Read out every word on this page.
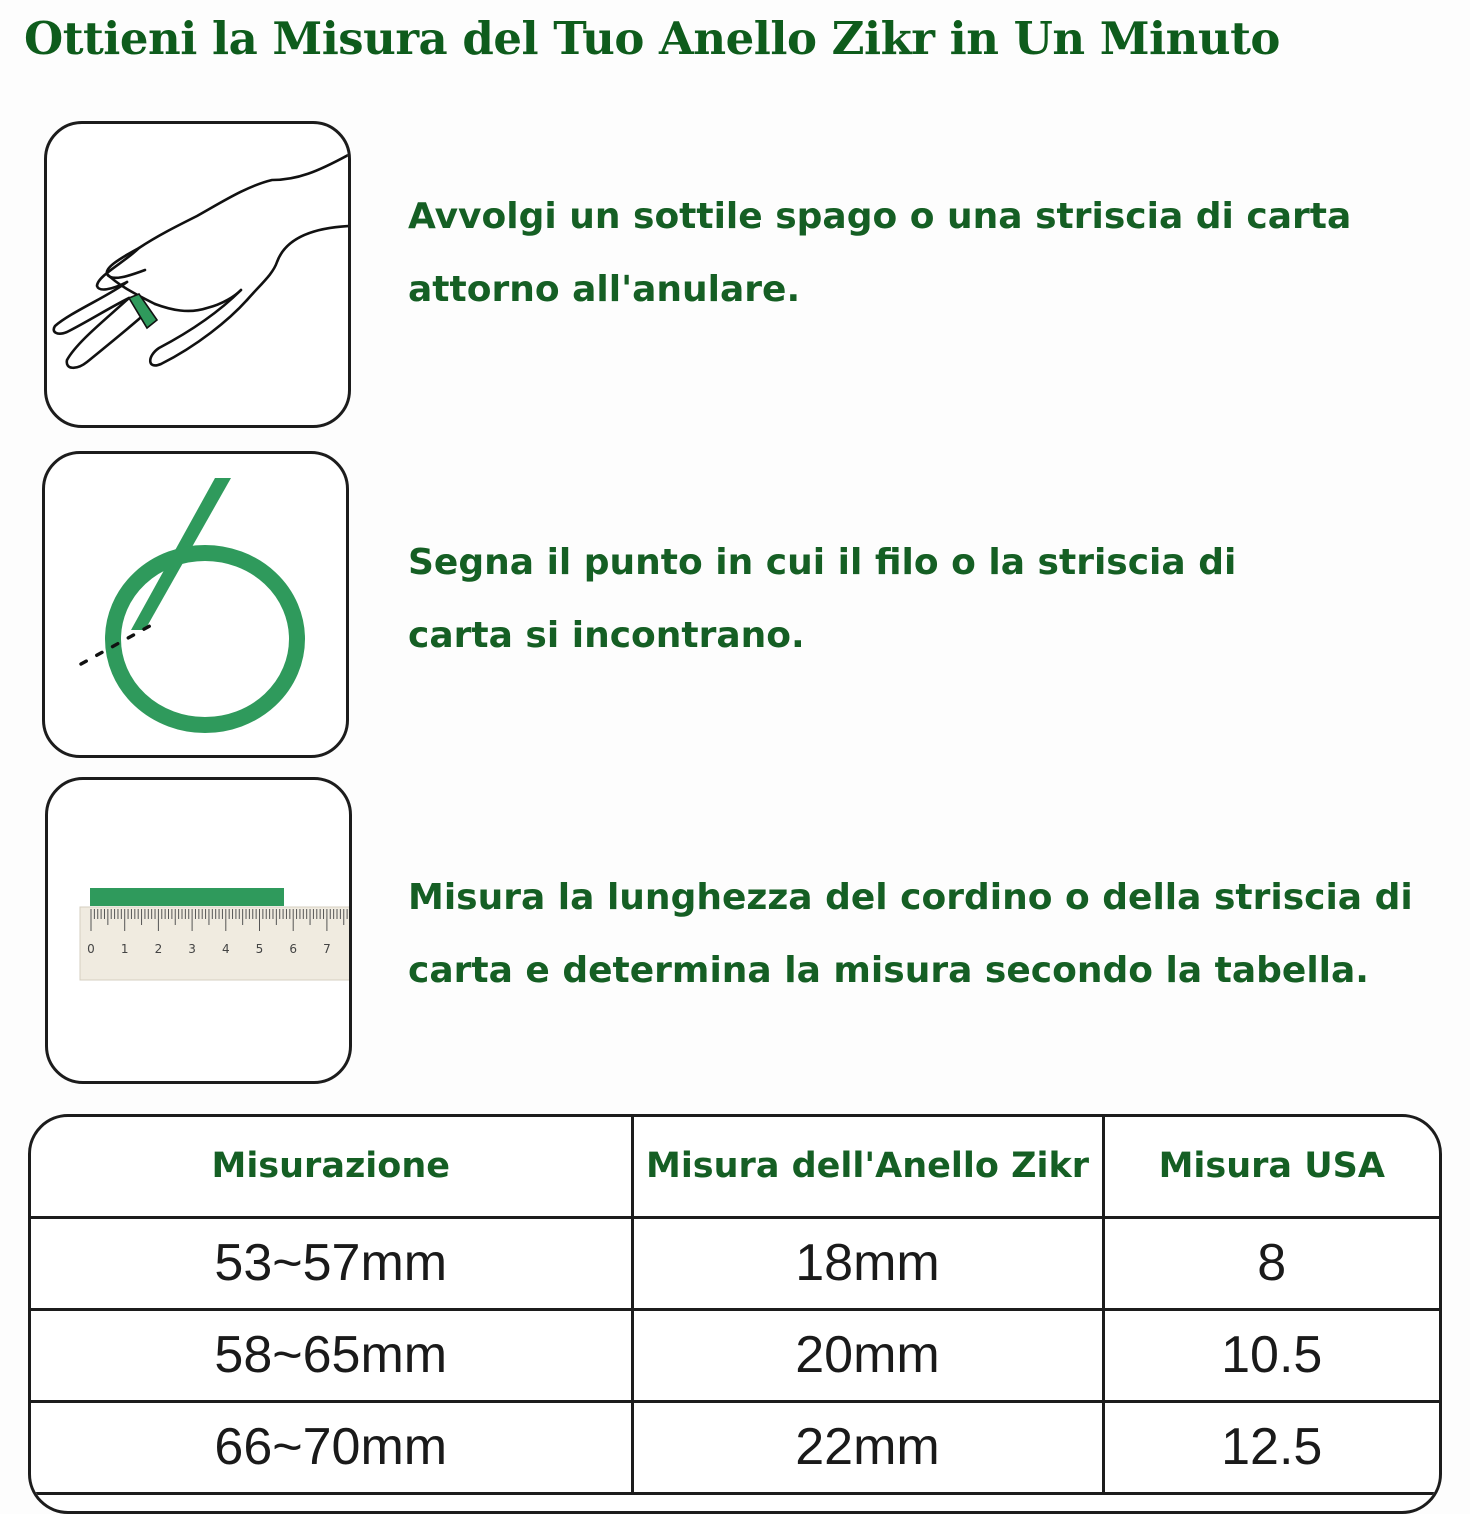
Ottieni la Misura del Tuo Anello Zikr in Un Minuto
Avvolgi un sottile spago o una striscia di carta
attorno all'anulare.
Segna il punto in cui il filo o la striscia di
carta si incontrano.
0 1 2 3 4 5 6 7
Misura la lunghezza del cordino o della striscia di
carta e determina la misura secondo la tabella.
Misurazione	Misura dell'Anello Zikr	Misura USA
53~57mm	18mm	8
58~65mm	20mm	10.5
66~70mm	22mm	12.5
